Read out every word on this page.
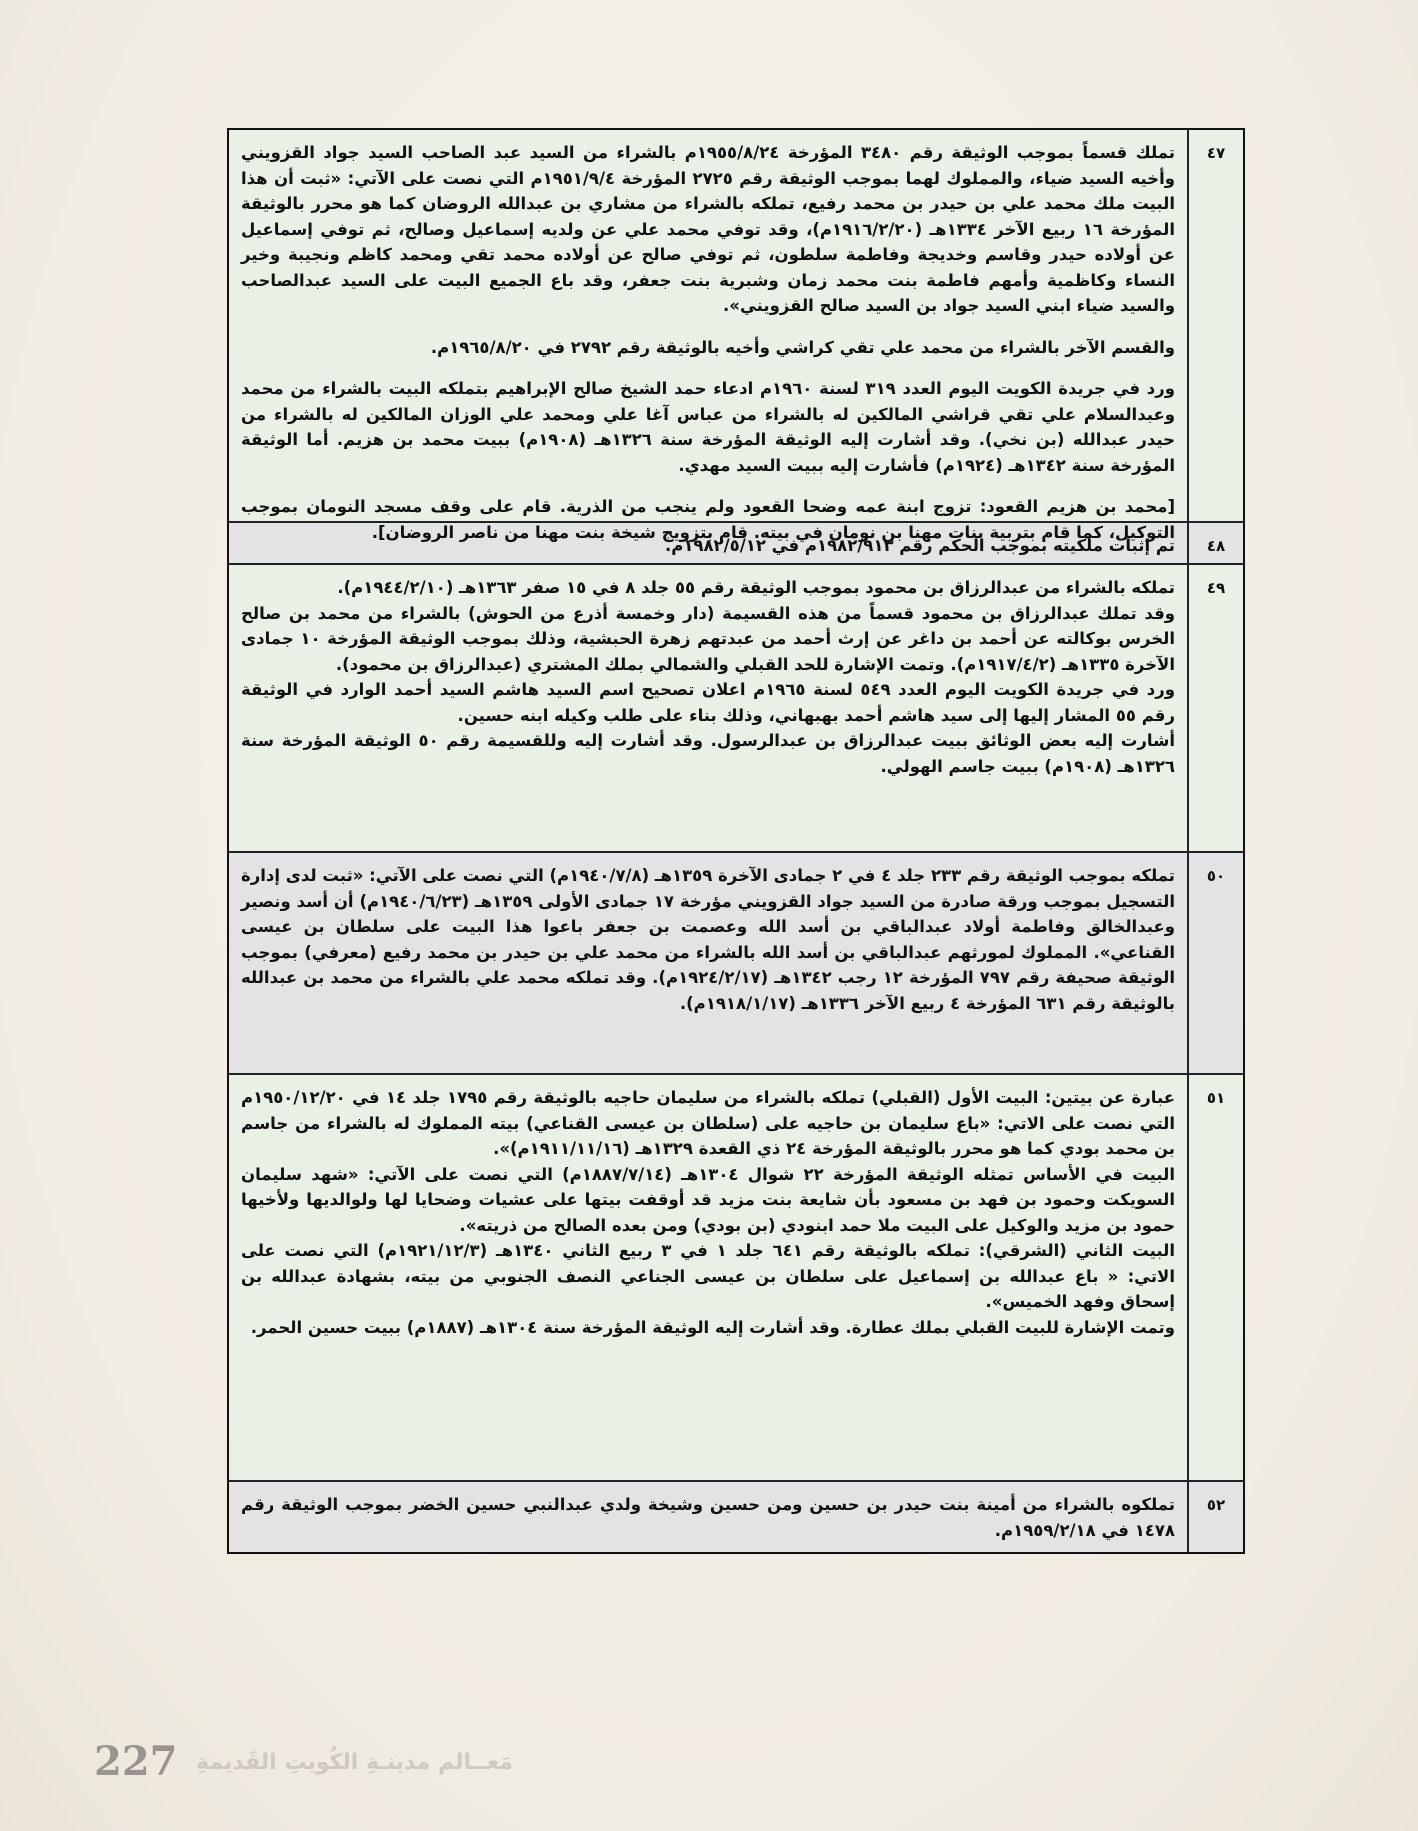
٤٧

تملك قسماً بموجب الوثيقة رقم ٣٤٨٠ المؤرخة ١٩٥٥/٨/٢٤م بالشراء من السيد عبد الصاحب السيد جواد القزويني وأخيه السيد ضياء، والمملوك لهما بموجب الوثيقة رقم ٢٧٢٥ المؤرخة ١٩٥١/٩/٤م التي نصت على الآتي: «ثبت أن هذا البيت ملك محمد علي بن حيدر بن محمد رفيع، تملكه بالشراء من مشاري بن عبدالله الروضان كما هو محرر بالوثيقة المؤرخة ١٦ ربيع الآخر ١٣٣٤هـ (١٩١٦/٢/٢٠م)، وقد توفي محمد علي عن ولديه إسماعيل وصالح، ثم توفي إسماعيل عن أولاده حيدر وقاسم وخديجة وفاطمة سلطون، ثم توفي صالح عن أولاده محمد تقي ومحمد كاظم ونجيبة وخير النساء وكاظمية وأمهم فاطمة بنت محمد زمان وشبرية بنت جعفر، وقد باع الجميع البيت على السيد عبدالصاحب والسيد ضياء ابني السيد جواد بن السيد صالح القزويني».

والقسم الآخر بالشراء من محمد علي تقي كراشي وأخيه بالوثيقة رقم ٢٧٩٢ في ١٩٦٥/٨/٢٠م.

ورد في جريدة الكويت اليوم العدد ٣١٩ لسنة ١٩٦٠م ادعاء حمد الشيخ صالح الإبراهيم بتملكه البيت بالشراء من محمد وعبدالسلام علي تقي قراشي المالكين له بالشراء من عباس آغا علي ومحمد علي الوزان المالكين له بالشراء من حيدر عبدالله (بن نخي). وقد أشارت إليه الوثيقة المؤرخة سنة ١٣٢٦هـ (١٩٠٨م) ببيت محمد بن هزيم. أما الوثيقة المؤرخة سنة ١٣٤٢هـ (١٩٢٤م) فأشارت إليه ببيت السيد مهدي.

[محمد بن هزيم القعود: تزوج ابنة عمه وضحا القعود ولم ينجب من الذرية. قام على وقف مسجد النومان بموجب التوكيل، كما قام بتربية بنات مهنا بن نومان في بيته. قام بتزويج شيخة بنت مهنا من ناصر الروضان].

٤٨

تم إثبات ملكيته بموجب الحكم رقم ١٩٨٢/٩١٣م في ١٩٨٢/٥/١٢م.

٤٩

تملكه بالشراء من عبدالرزاق بن محمود بموجب الوثيقة رقم ٥٥ جلد ٨ في ١٥ صفر ١٣٦٣هـ (١٩٤٤/٢/١٠م).

وقد تملك عبدالرزاق بن محمود قسماً من هذه القسيمة (دار وخمسة أذرع من الحوش) بالشراء من محمد بن صالح الخرس بوكالته عن أحمد بن داغر عن إرث أحمد من عبدتهم زهرة الحبشية، وذلك بموجب الوثيقة المؤرخة ١٠ جمادى الآخرة ١٣٣٥هـ (١٩١٧/٤/٢م). وتمت الإشارة للحد القبلي والشمالي بملك المشتري (عبدالرزاق بن محمود).

ورد في جريدة الكويت اليوم العدد ٥٤٩ لسنة ١٩٦٥م اعلان تصحيح اسم السيد هاشم السيد أحمد الوارد في الوثيقة رقم ٥٥ المشار إليها إلى سيد هاشم أحمد بهبهاني، وذلك بناء على طلب وكيله ابنه حسين.

أشارت إليه بعض الوثائق ببيت عبدالرزاق بن عبدالرسول. وقد أشارت إليه وللقسيمة رقم ٥٠ الوثيقة المؤرخة سنة ١٣٢٦هـ (١٩٠٨م) ببيت جاسم الهولي.

٥٠

تملكه بموجب الوثيقة رقم ٢٣٣ جلد ٤ في ٢ جمادى الآخرة ١٣٥٩هـ (١٩٤٠/٧/٨م) التي نصت على الآتي: «ثبت لدى إدارة التسجيل بموجب ورقة صادرة من السيد جواد القزويني مؤرخة ١٧ جمادى الأولى ١٣٥٩هـ (١٩٤٠/٦/٢٣م) أن أسد ونصير وعبدالخالق وفاطمة أولاد عبدالباقي بن أسد الله وعصمت بن جعفر باعوا هذا البيت على سلطان بن عيسى القناعي». المملوك لمورثهم عبدالباقي بن أسد الله بالشراء من محمد علي بن حيدر بن محمد رفيع (معرفي) بموجب الوثيقة صحيفة رقم ٧٩٧ المؤرخة ١٢ رجب ١٣٤٢هـ (١٩٢٤/٢/١٧م). وقد تملكه محمد علي بالشراء من محمد بن عبدالله بالوثيقة رقم ٦٣١ المؤرخة ٤ ربيع الآخر ١٣٣٦هـ (١٩١٨/١/١٧م).

٥١

عبارة عن بيتين: البيت الأول (القبلي) تملكه بالشراء من سليمان حاجيه بالوثيقة رقم ١٧٩٥ جلد ١٤ في ١٩٥٠/١٢/٢٠م التي نصت على الاتي: «باع سليمان بن حاجيه على (سلطان بن عيسى القناعي) بيته المملوك له بالشراء من جاسم بن محمد بودي كما هو محرر بالوثيقة المؤرخة ٢٤ ذي القعدة ١٣٢٩هـ (١٩١١/١١/١٦م)».

البيت في الأساس تمثله الوثيقة المؤرخة ٢٢ شوال ١٣٠٤هـ (١٨٨٧/٧/١٤م) التي نصت على الآتي: «شهد سليمان السويكت وحمود بن فهد بن مسعود بأن شايعة بنت مزيد قد أوقفت بيتها على عشيات وضحايا لها ولوالديها ولأخيها حمود بن مزيد والوكيل على البيت ملا حمد ابنودي (بن بودي) ومن بعده الصالح من ذريته».

البيت الثاني (الشرقي): تملكه بالوثيقة رقم ٦٤١ جلد ١ في ٣ ربيع الثاني ١٣٤٠هـ (١٩٢١/١٢/٣م) التي نصت على الاتي: « باع عبدالله بن إسماعيل على سلطان بن عيسى الجناعي النصف الجنوبي من بيته، بشهادة عبدالله بن إسحاق وفهد الخميس».

وتمت الإشارة للبيت القبلي بملك عطارة. وقد أشارت إليه الوثيقة المؤرخة سنة ١٣٠٤هـ (١٨٨٧م) ببيت حسين الحمر.

٥٢

تملكوه بالشراء من أمينة بنت حيدر بن حسين ومن حسين وشيخة ولدي عبدالنبي حسين الخضر بموجب الوثيقة رقم ١٤٧٨ في ١٩٥٩/٢/١٨م.

227 مَعــالم مدينـةِ الكُويتِ القَديمةِ
